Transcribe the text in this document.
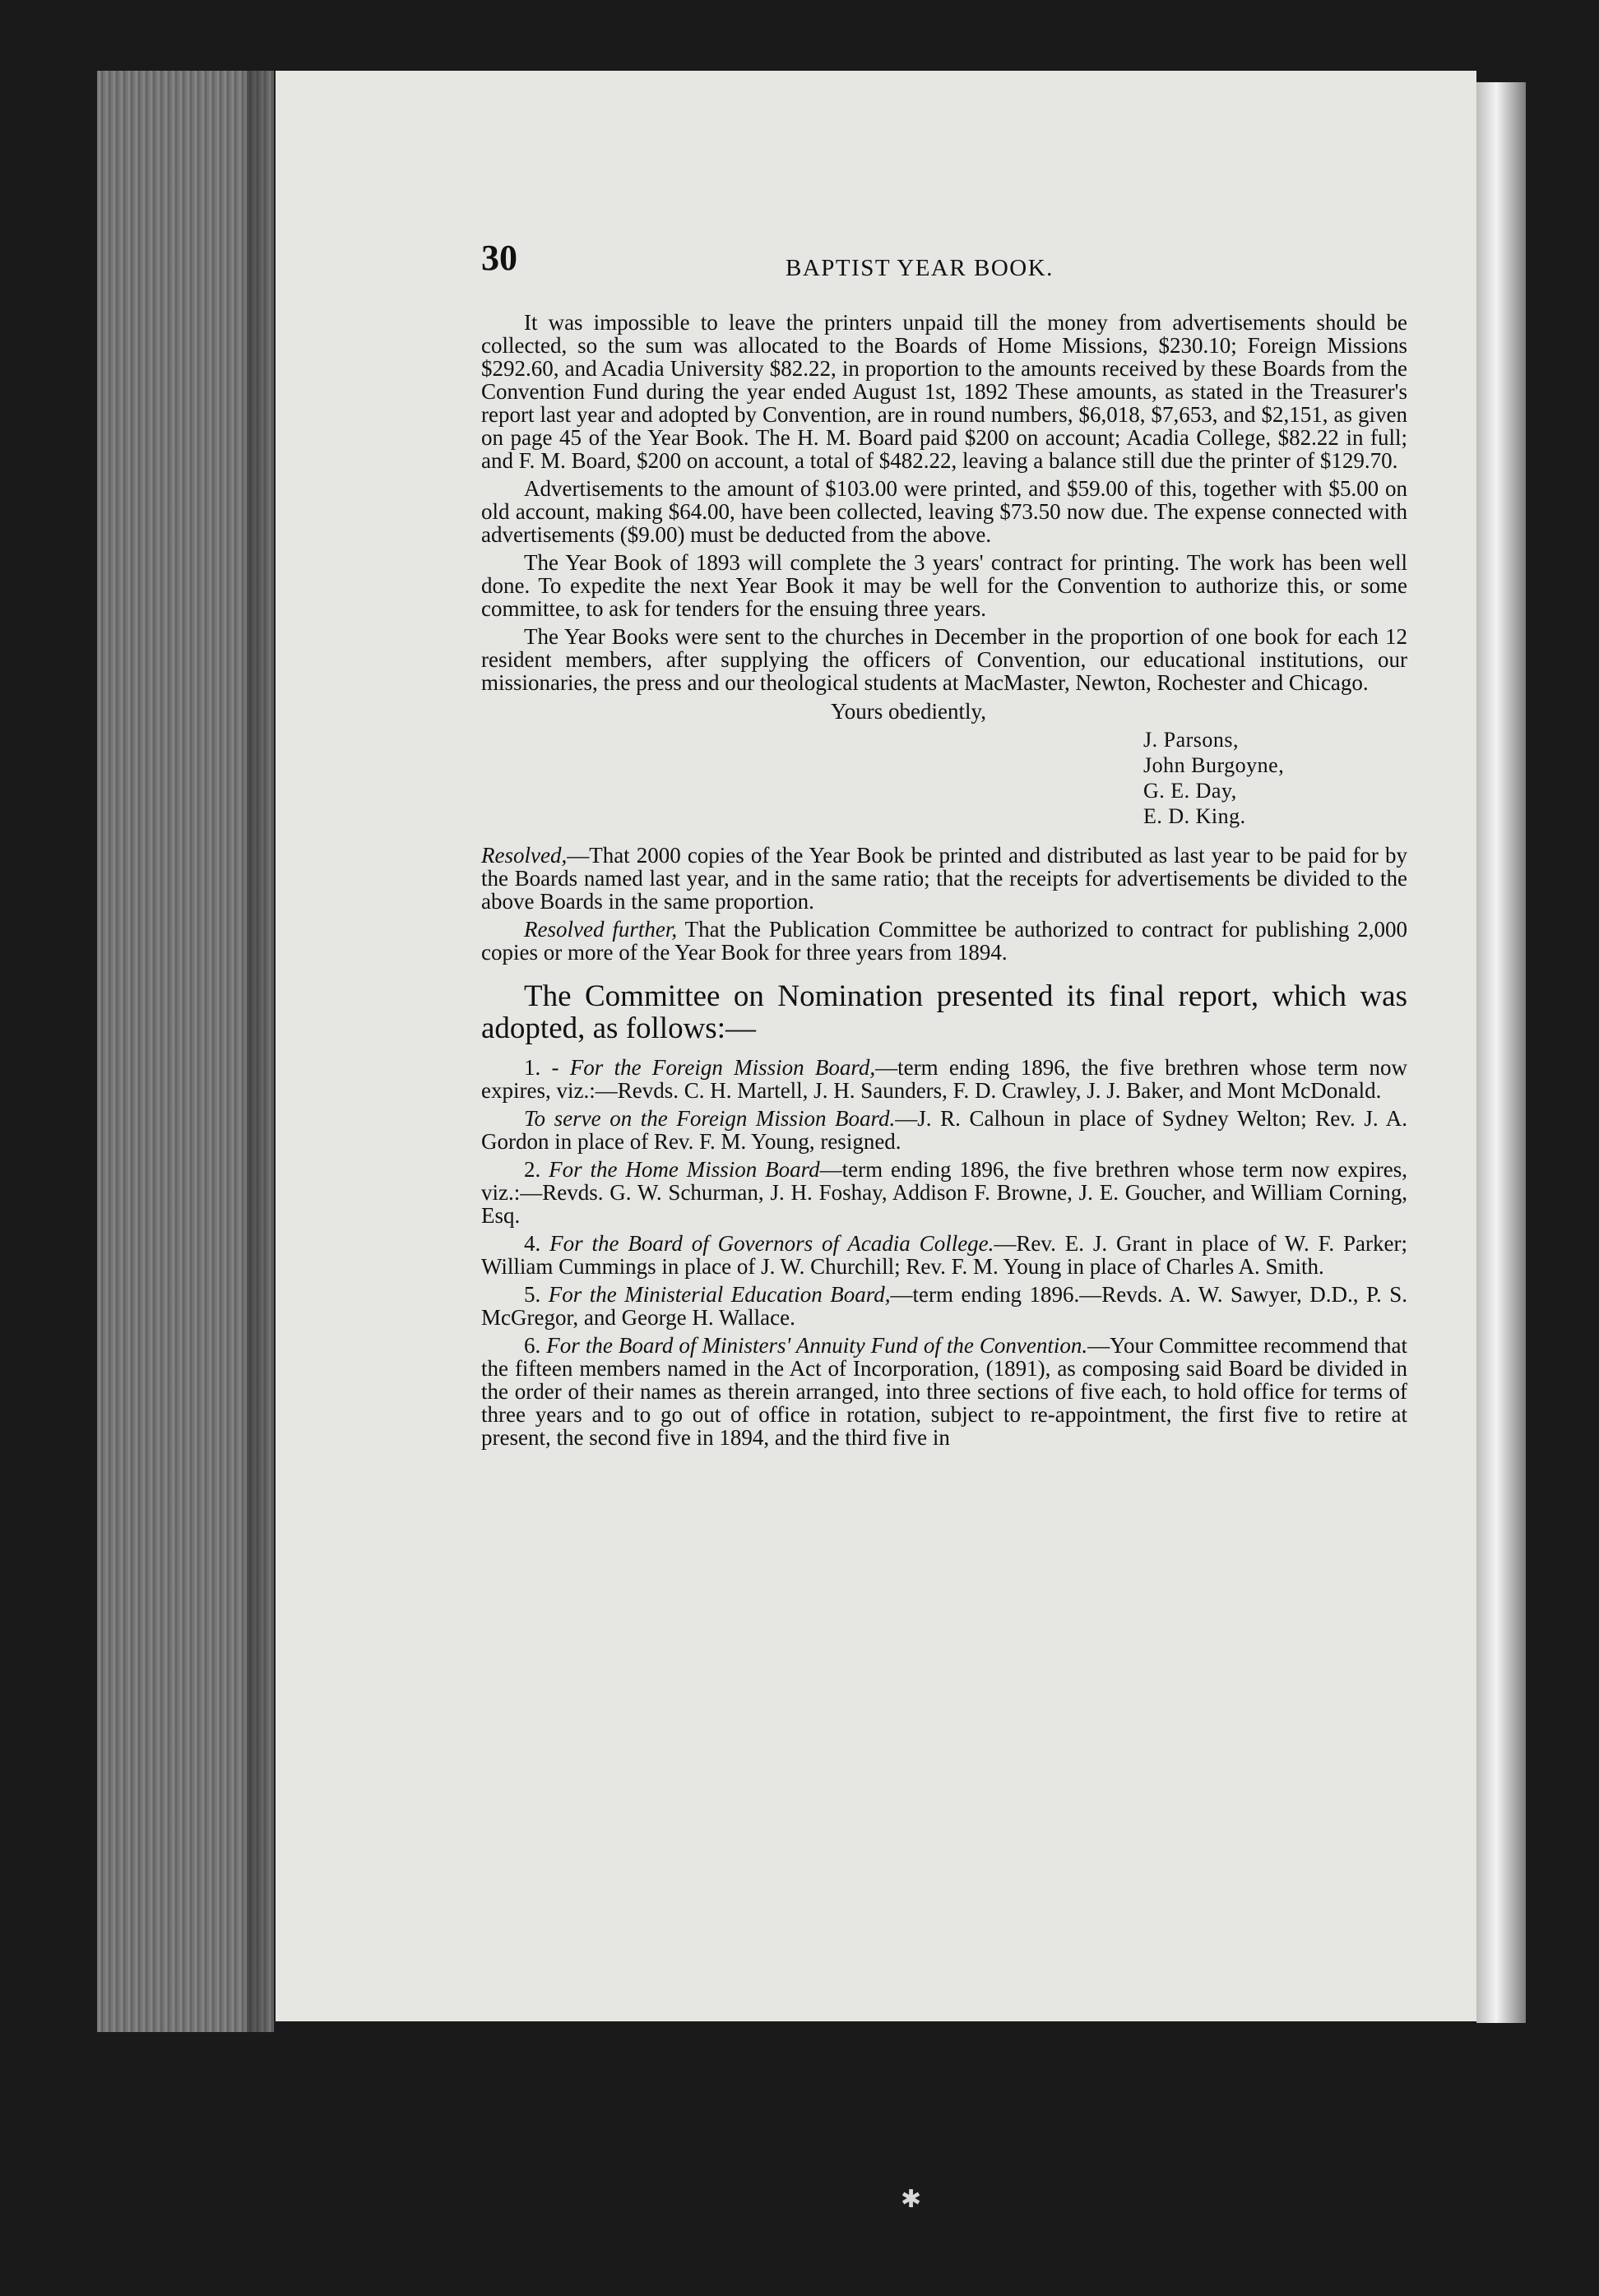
✱
30	BAPTIST YEAR BOOK.

It was impossible to leave the printers unpaid till the money from advertisements should be collected, so the sum was allocated to the Boards of Home Missions, $230.10; Foreign Missions $292.60, and Acadia University $82.22, in proportion to the amounts received by these Boards from the Convention Fund during the year ended August 1st, 1892 These amounts, as stated in the Treasurer's report last year and adopted by Convention, are in round numbers, $6,018, $7,653, and $2,151, as given on page 45 of the Year Book. The H. M. Board paid $200 on account; Acadia College, $82.22 in full; and F. M. Board, $200 on account, a total of $482.22, leaving a balance still due the printer of $129.70.

Advertisements to the amount of $103.00 were printed, and $59.00 of this, together with $5.00 on old account, making $64.00, have been collected, leaving $73.50 now due. The expense connected with advertisements ($9.00) must be deducted from the above.

The Year Book of 1893 will complete the 3 years' contract for printing. The work has been well done. To expedite the next Year Book it may be well for the Convention to authorize this, or some committee, to ask for tenders for the ensuing three years.

The Year Books were sent to the churches in December in the proportion of one book for each 12 resident members, after supplying the officers of Convention, our educational institutions, our missionaries, the press and our theological students at MacMaster, Newton, Rochester and Chicago.

Yours obediently,
J. Parsons,
John Burgoyne,
G. E. Day,
E. D. King.

Resolved,—That 2000 copies of the Year Book be printed and distributed as last year to be paid for by the Boards named last year, and in the same ratio; that the receipts for advertisements be divided to the above Boards in the same proportion.

Resolved further, That the Publication Committee be authorized to contract for publishing 2,000 copies or more of the Year Book for three years from 1894.

The Committee on Nomination presented its final report, which was adopted, as follows:—

1. - For the Foreign Mission Board,—term ending 1896, the five brethren whose term now expires, viz.:—Revds. C. H. Martell, J. H. Saunders, F. D. Crawley, J. J. Baker, and Mont McDonald.

To serve on the Foreign Mission Board.—J. R. Calhoun in place of Sydney Welton; Rev. J. A. Gordon in place of Rev. F. M. Young, resigned.

2. For the Home Mission Board—term ending 1896, the five brethren whose term now expires, viz.:—Revds. G. W. Schurman, J. H. Foshay, Addison F. Browne, J. E. Goucher, and William Corning, Esq.

4. For the Board of Governors of Acadia College.—Rev. E. J. Grant in place of W. F. Parker; William Cummings in place of J. W. Churchill; Rev. F. M. Young in place of Charles A. Smith.

5. For the Ministerial Education Board,—term ending 1896.—Revds. A. W. Sawyer, D.D., P. S. McGregor, and George H. Wallace.

6. For the Board of Ministers' Annuity Fund of the Convention.—Your Committee recommend that the fifteen members named in the Act of Incorporation, (1891), as composing said Board be divided in the order of their names as therein arranged, into three sections of five each, to hold office for terms of three years and to go out of office in rotation, subject to re-appointment, the first five to retire at present, the second five in 1894, and the third five in
